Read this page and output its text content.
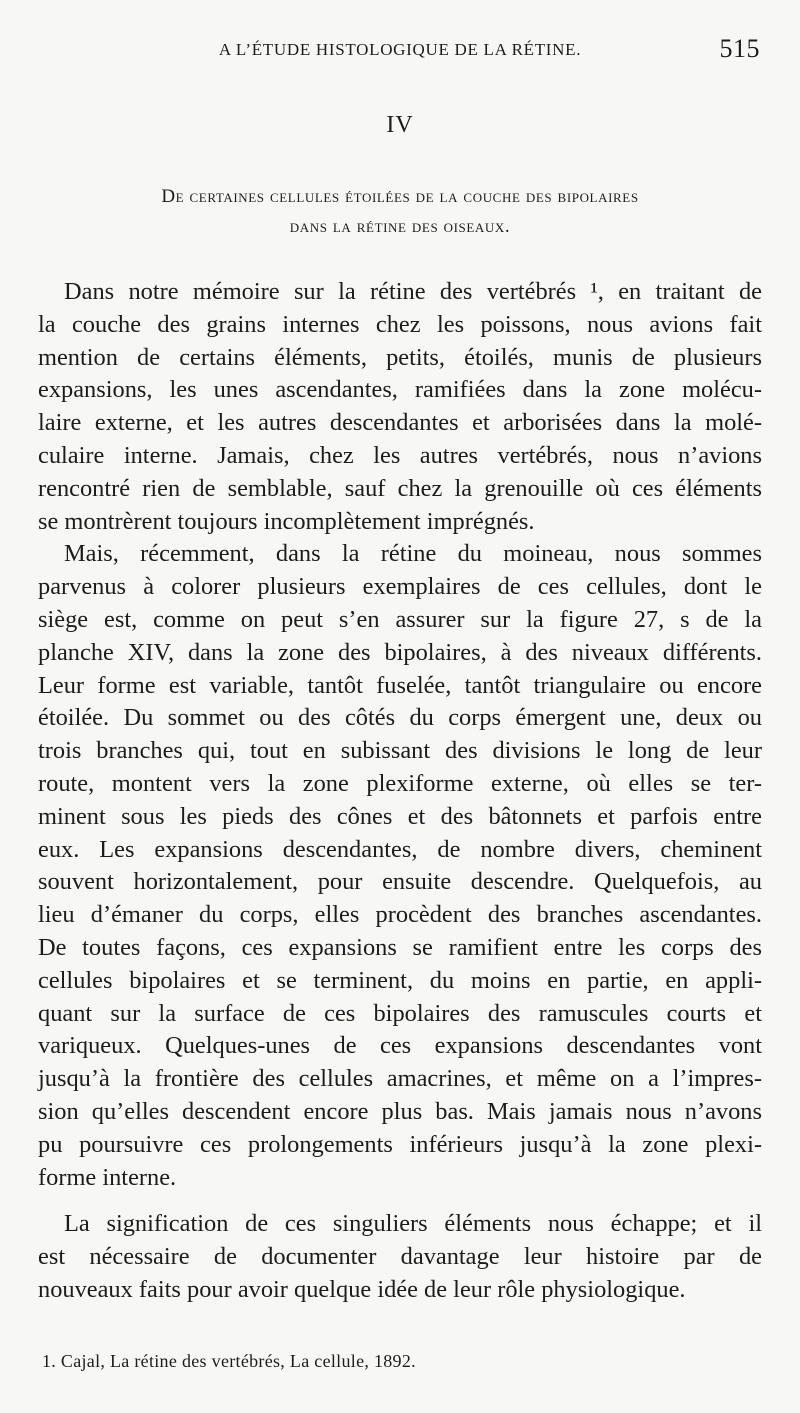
A L’ÉTUDE HISTOLOGIQUE DE LA RÉTINE.	515
IV
De certaines cellules étoilées de la couche des bipolaires
dans la rétine des oiseaux.

Dans notre mémoire sur la rétine des vertébrés ¹, en traitant de
la couche des grains internes chez les poissons, nous avions fait
mention de certains éléments, petits, étoilés, munis de plusieurs
expansions, les unes ascendantes, ramifiées dans la zone molécu-
laire externe, et les autres descendantes et arborisées dans la molé-
culaire interne. Jamais, chez les autres vertébrés, nous n’avions
rencontré rien de semblable, sauf chez la grenouille où ces éléments
se montrèrent toujours incomplètement imprégnés.

Mais, récemment, dans la rétine du moineau, nous sommes
parvenus à colorer plusieurs exemplaires de ces cellules, dont le
siège est, comme on peut s’en assurer sur la figure 27, s de la
planche XIV, dans la zone des bipolaires, à des niveaux différents.
Leur forme est variable, tantôt fuselée, tantôt triangulaire ou encore
étoilée. Du sommet ou des côtés du corps émergent une, deux ou
trois branches qui, tout en subissant des divisions le long de leur
route, montent vers la zone plexiforme externe, où elles se ter-
minent sous les pieds des cônes et des bâtonnets et parfois entre
eux. Les expansions descendantes, de nombre divers, cheminent
souvent horizontalement, pour ensuite descendre. Quelquefois, au
lieu d’émaner du corps, elles procèdent des branches ascendantes.
De toutes façons, ces expansions se ramifient entre les corps des
cellules bipolaires et se terminent, du moins en partie, en appli-
quant sur la surface de ces bipolaires des ramuscules courts et
variqueux. Quelques-unes de ces expansions descendantes vont
jusqu’à la frontière des cellules amacrines, et même on a l’impres-
sion qu’elles descendent encore plus bas. Mais jamais nous n’avons
pu poursuivre ces prolongements inférieurs jusqu’à la zone plexi-
forme interne.

La signification de ces singuliers éléments nous échappe; et il
est nécessaire de documenter davantage leur histoire par de
nouveaux faits pour avoir quelque idée de leur rôle physiologique.

1. Cajal, La rétine des vertébrés, La cellule, 1892.
